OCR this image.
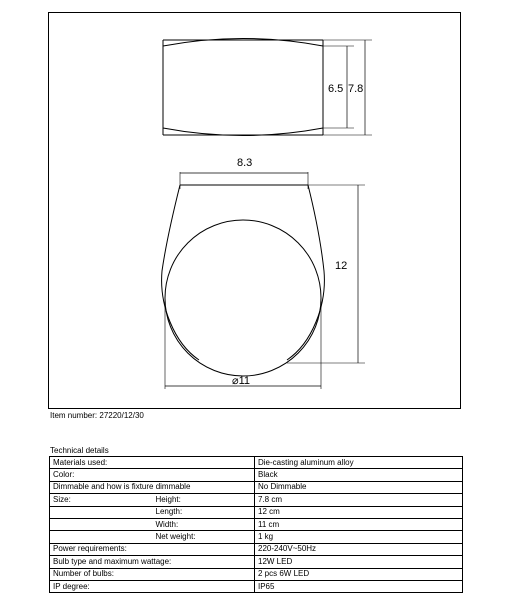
6.5 7.8
8.3
12
⌀11
Item number: 27220/12/30
Technical details
Materials used:		Die-casting aluminum alloy
Color:		Black
Dimmable and how is fixture dimmable		No Dimmable
Size:	Height:	7.8 cm
	Length:	12 cm
	Width:	11 cm
	Net weight:	1 kg
Power requirements:		220-240V~50Hz
Bulb type and maximum wattage:		12W LED
Number of bulbs:		2 pcs 6W LED
IP degree:		IP65
